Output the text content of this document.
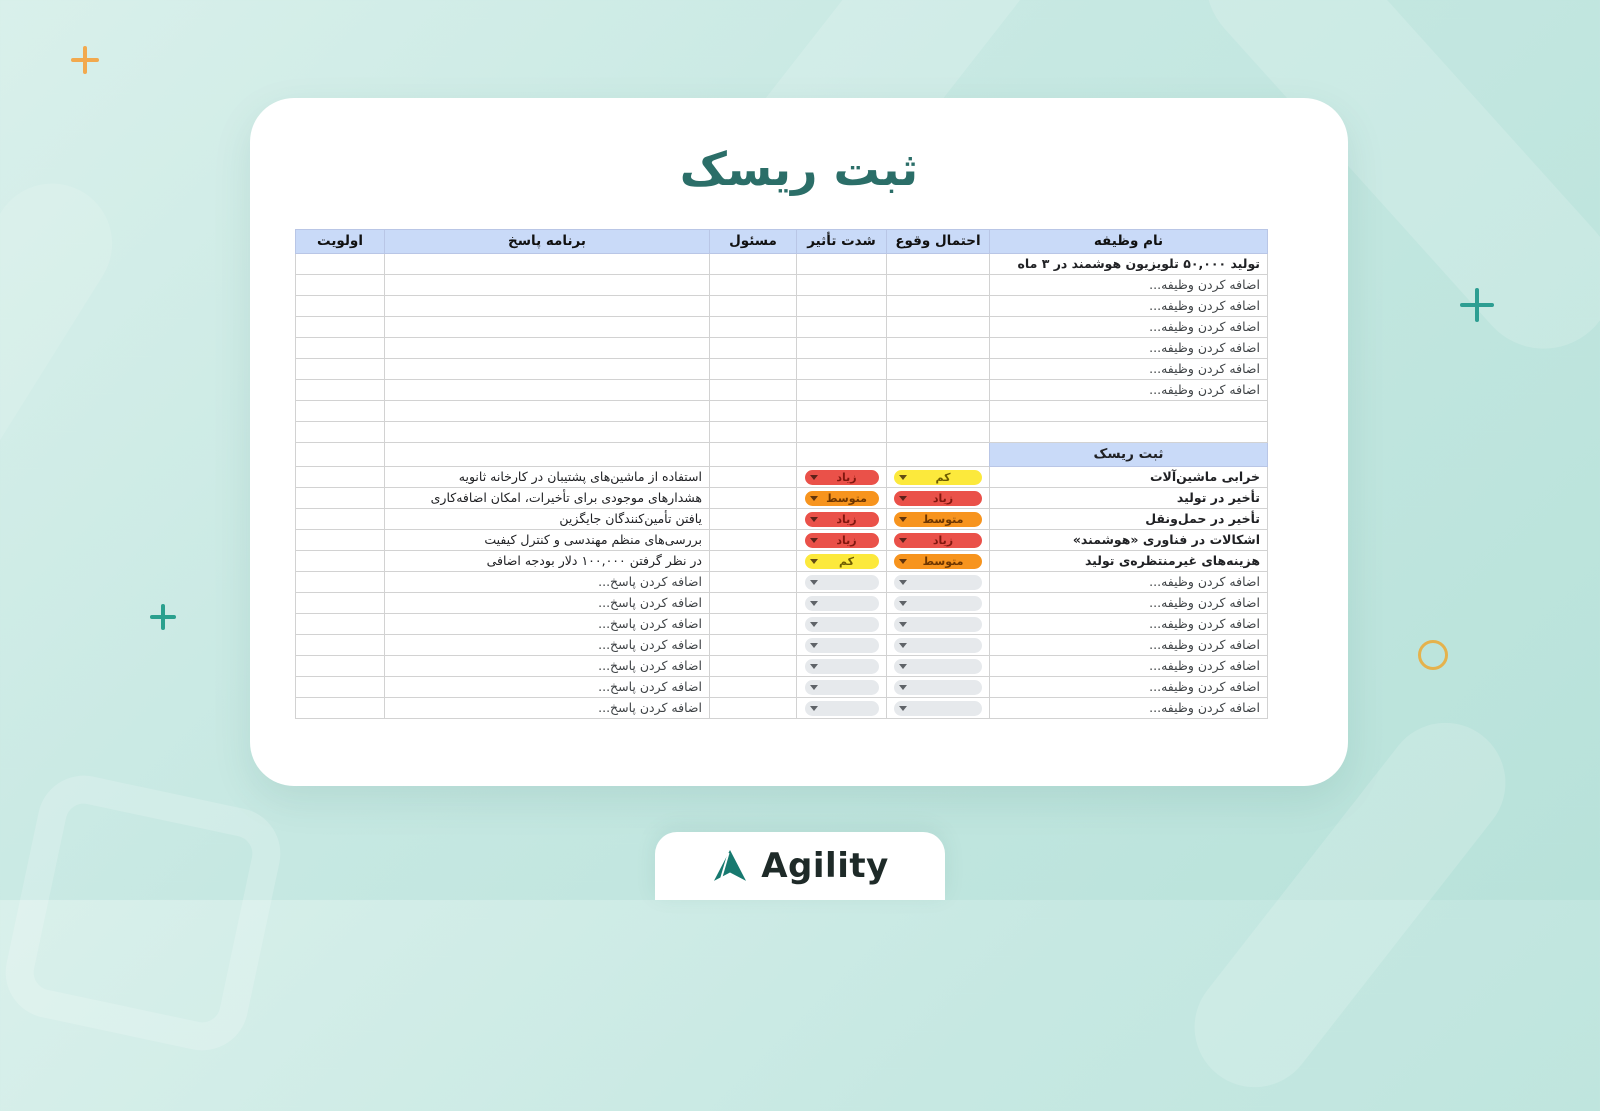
ثبت ریسک
نام وظیفه	احتمال وقوع	شدت تأثیر	مسئول	برنامه پاسخ	اولویت
تولید ۵۰,۰۰۰ تلویزیون هوشمند در ۳ ماه					
اضافه کردن وظیفه...					
اضافه کردن وظیفه...					
اضافه کردن وظیفه...					
اضافه کردن وظیفه...					
اضافه کردن وظیفه...					
اضافه کردن وظیفه...					

ثبت ریسک					
خرابی ماشین‌آلات	کم	زیاد		استفاده از ماشین‌های پشتیبان در کارخانه ثانویه	
تأخیر در تولید	زیاد	متوسط		هشدارهای موجودی برای تأخیرات، امکان اضافه‌کاری	
تأخیر در حمل‌ونقل	متوسط	زیاد		یافتن تأمین‌کنندگان جایگزین	
اشکالات در فناوری «هوشمند»	زیاد	زیاد		بررسی‌های منظم مهندسی و کنترل کیفیت	
هزینه‌های غیرمنتظره‌ی تولید	متوسط	کم		در نظر گرفتن ۱۰۰,۰۰۰ دلار بودجه اضافی	
اضافه کردن وظیفه...				اضافه کردن پاسخ...	
اضافه کردن وظیفه...				اضافه کردن پاسخ...	
اضافه کردن وظیفه...				اضافه کردن پاسخ...	
اضافه کردن وظیفه...				اضافه کردن پاسخ...	
اضافه کردن وظیفه...				اضافه کردن پاسخ...	
اضافه کردن وظیفه...				اضافه کردن پاسخ...	
اضافه کردن وظیفه...				اضافه کردن پاسخ...	
Agility
